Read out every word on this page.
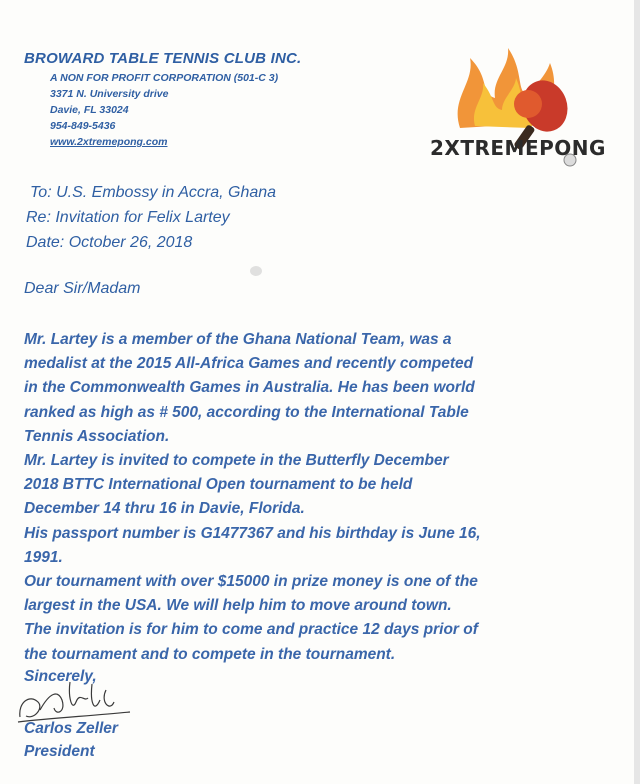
BROWARD TABLE TENNIS CLUB INC.
A NON FOR PROFIT CORPORATION (501-C 3)
3371 N. University drive
Davie, FL 33024
954-849-5436
www.2xtremepong.com	2XTREMEPONG
To: U.S. Embossy in Accra, Ghana
Re: Invitation for Felix Lartey
Date: October 26, 2018
Dear Sir/Madam

Mr. Lartey is a member of the Ghana National Team, was a

medalist at the 2015 All-Africa Games and recently competed

in the Commonwealth Games in Australia. He has been world

ranked as high as # 500, according to the International Table

Tennis Association.

Mr. Lartey is invited to compete in the Butterfly December

2018 BTTC International Open tournament to be held

December 14 thru 16 in Davie, Florida.

His passport number is G1477367 and his birthday is June 16,

1991.

Our tournament with over $15000 in prize money is one of the

largest in the USA. We will help him to move around town.

The invitation is for him to come and practice 12 days prior of

the tournament and to compete in the tournament.

Sincerely,
Carlos Zeller
President
